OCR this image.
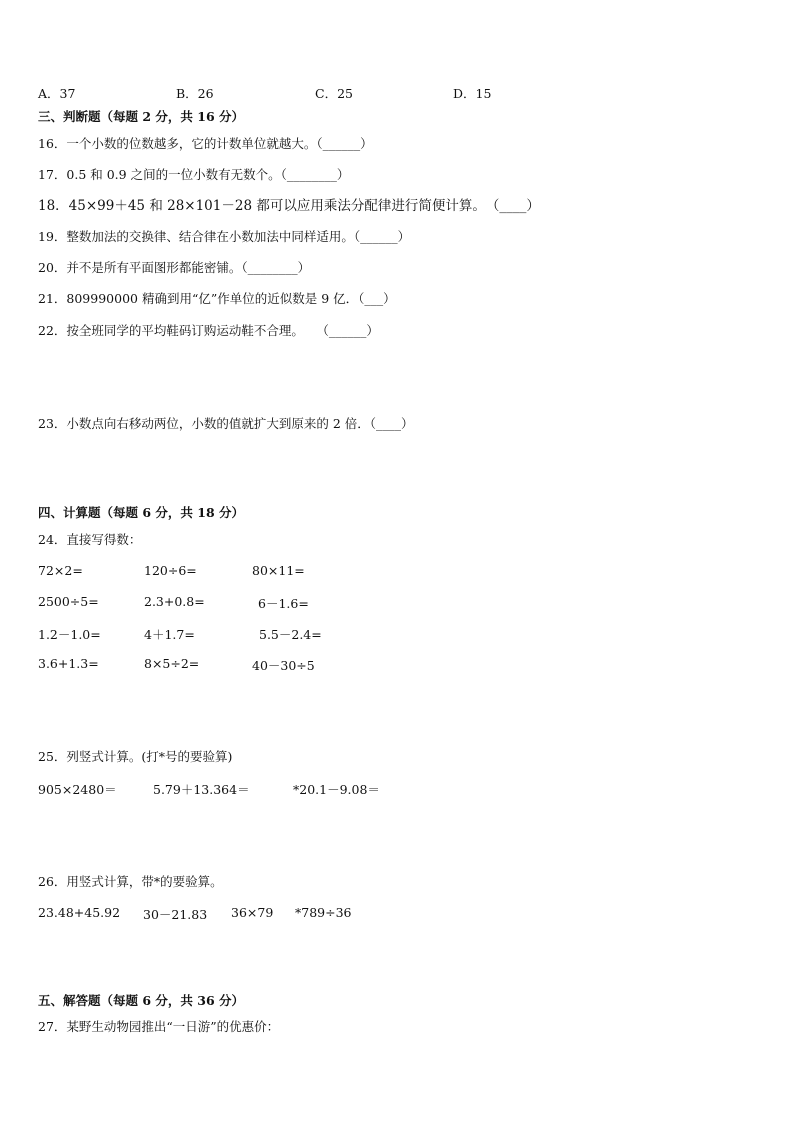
A．37	B．26	C．25	D．15
三、判断题（每题 2 分，共 16 分）
16．一个小数的位数越多，它的计数单位就越大。（______）
17．0.5 和 0.9 之间的一位小数有无数个。（________）
18．45×99＋45 和 28×101－28 都可以应用乘法分配律进行简便计算。　（____）
19．整数加法的交换律、结合律在小数加法中同样适用。（______）
20．并不是所有平面图形都能密铺。（________）
21．809990000 精确到用“亿”作单位的近似数是 9 亿．（___）
22．按全班同学的平均鞋码订购运动鞋不合理。　　（______）
23．小数点向右移动两位，小数的值就扩大到原来的 2 倍．（____）
四、计算题（每题 6 分，共 18 分）
24．直接写得数：
72×2=	120÷6=	80×11=
2500÷5=	2.3+0.8=	6－1.6=
1.2－1.0=	4＋1.7=	5.5－2.4=
3.6+1.3=	8×5÷2=	40－30÷5
25．列竖式计算。(打*号的要验算)
905×2480＝	5.79＋13.364＝	*20.1－9.08＝
26．用竖式计算，带*的要验算。
23.48+45.92 30－21.83 36×79 *789÷36
五、解答题（每题 6 分，共 36 分）
27．某野生动物园推出“一日游”的优惠价：
